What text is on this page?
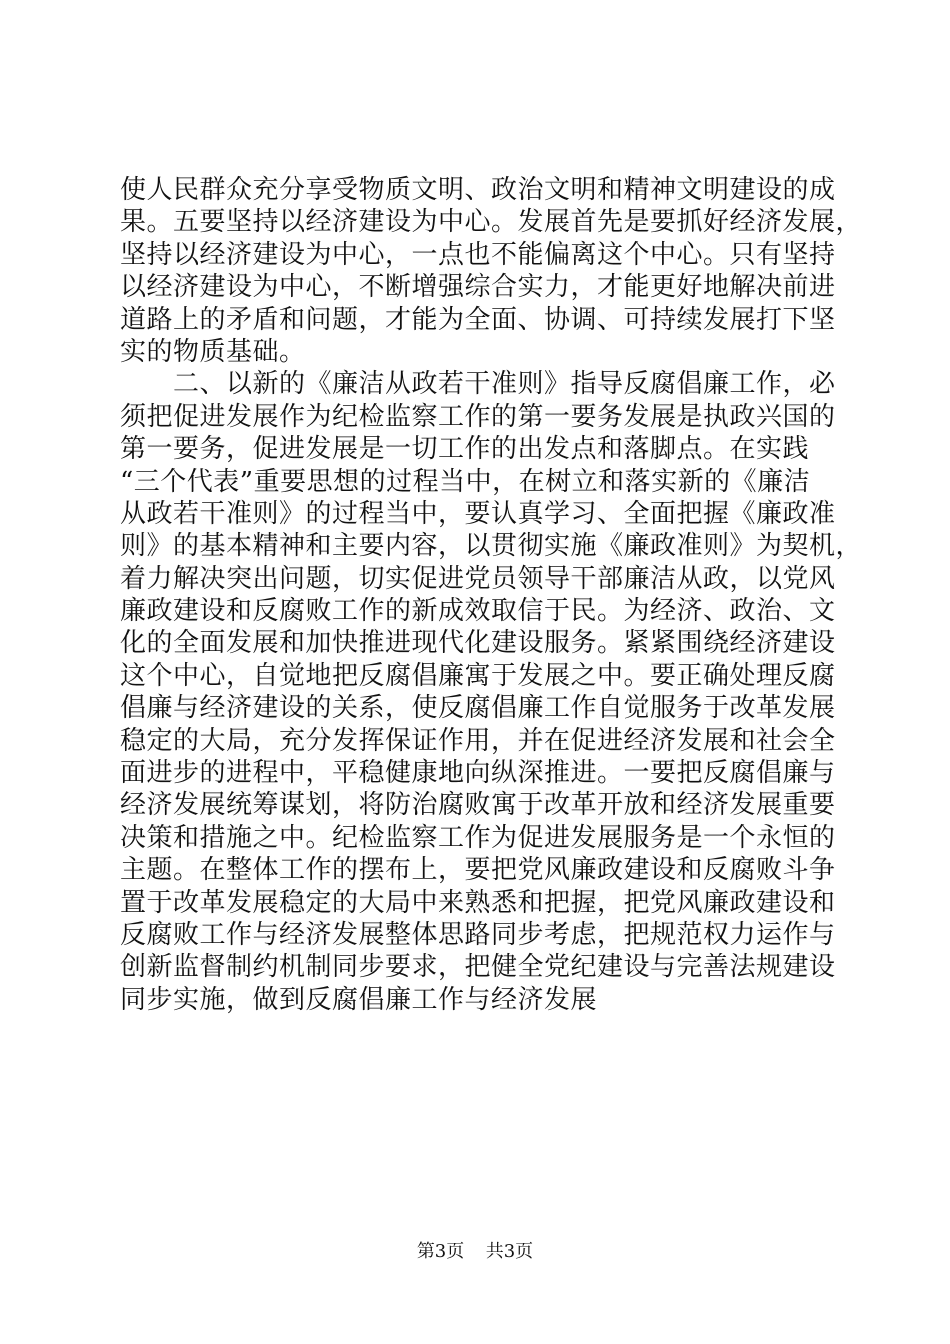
使人民群众充分享受物质文明、政治文明和精神文明建设的成
果。五要坚持以经济建设为中心。发展首先是要抓好经济发展，
坚持以经济建设为中心，一点也不能偏离这个中心。只有坚持
以经济建设为中心，不断增强综合实力，才能更好地解决前进
道路上的矛盾和问题，才能为全面、协调、可持续发展打下坚
实的物质基础。
　　二、以新的《廉洁从政若干准则》指导反腐倡廉工作，必
须把促进发展作为纪检监察工作的第一要务发展是执政兴国的
第一要务，促进发展是一切工作的出发点和落脚点。在实践
“三个代表”重要思想的过程当中，在树立和落实新的《廉洁
从政若干准则》的过程当中，要认真学习、全面把握《廉政准
则》的基本精神和主要内容，以贯彻实施《廉政准则》为契机，
着力解决突出问题，切实促进党员领导干部廉洁从政，以党风
廉政建设和反腐败工作的新成效取信于民。为经济、政治、文
化的全面发展和加快推进现代化建设服务。紧紧围绕经济建设
这个中心，自觉地把反腐倡廉寓于发展之中。要正确处理反腐
倡廉与经济建设的关系，使反腐倡廉工作自觉服务于改革发展
稳定的大局，充分发挥保证作用，并在促进经济发展和社会全
面进步的进程中，平稳健康地向纵深推进。一要把反腐倡廉与
经济发展统筹谋划，将防治腐败寓于改革开放和经济发展重要
决策和措施之中。纪检监察工作为促进发展服务是一个永恒的
主题。在整体工作的摆布上，要把党风廉政建设和反腐败斗争
置于改革发展稳定的大局中来熟悉和把握，把党风廉政建设和
反腐败工作与经济发展整体思路同步考虑，把规范权力运作与
创新监督制约机制同步要求，把健全党纪建设与完善法规建设
同步实施，做到反腐倡廉工作与经济发展
第3页 共3页
